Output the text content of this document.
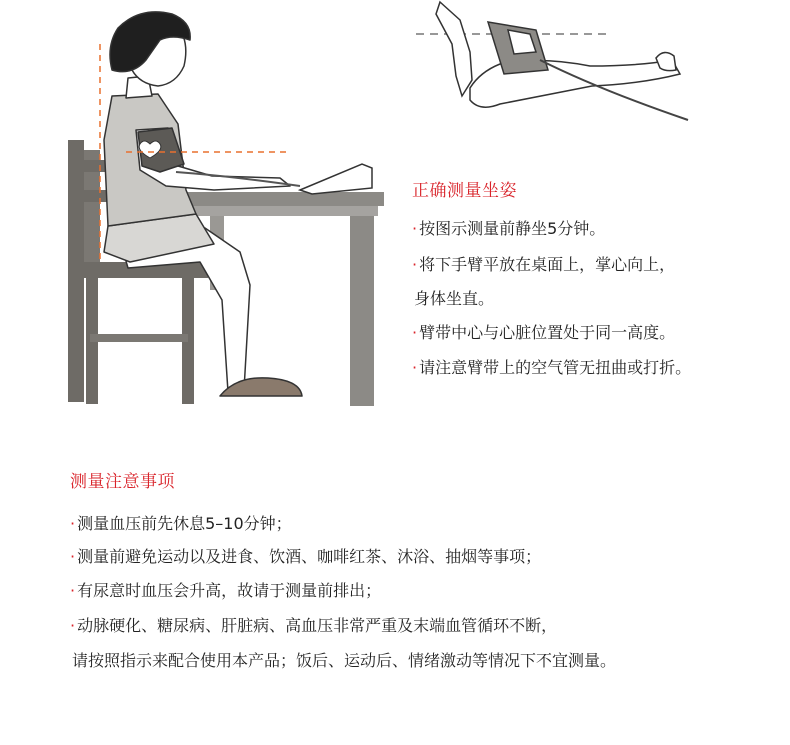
正确测量坐姿
· 按图示测量前静坐5分钟。
· 将下手臂平放在桌面上，掌心向上，
身体坐直。
· 臂带中心与心脏位置处于同一高度。
· 请注意臂带上的空气管无扭曲或打折。
测量注意事项
· 测量血压前先休息5–10分钟；
· 测量前避免运动以及进食、饮酒、咖啡红茶、沐浴、抽烟等事项；
· 有尿意时血压会升高，故请于测量前排出；
· 动脉硬化、糖尿病、肝脏病、高血压非常严重及末端血管循环不断，
请按照指示来配合使用本产品；饭后、运动后、情绪激动等情况下不宜测量。
